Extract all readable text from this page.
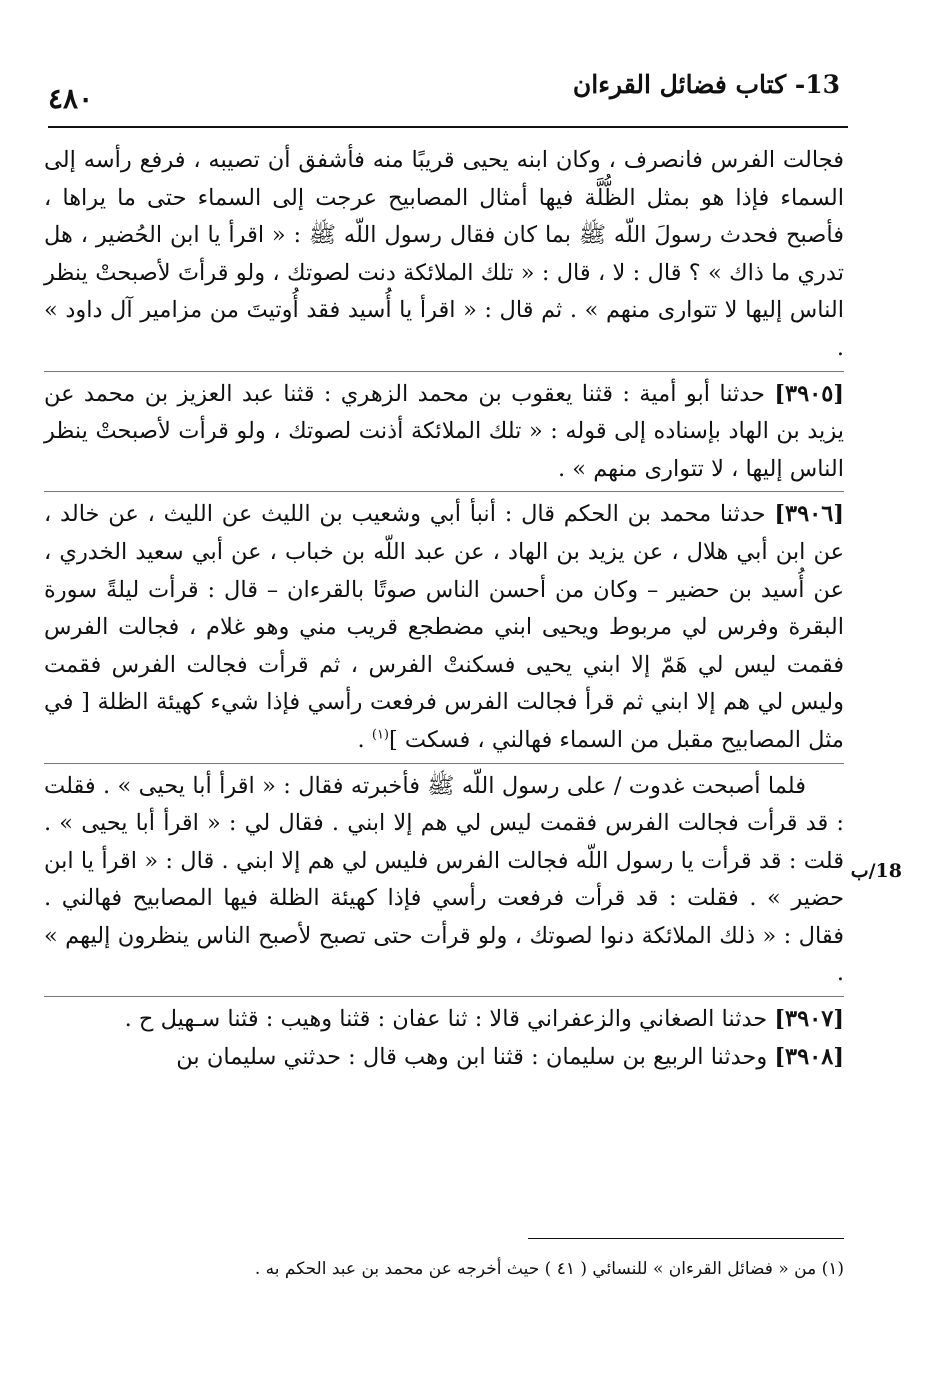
٤٨٠	13- كتاب فضائل القرءان
18/ب

فجالت الفرس فانصرف ، وكان ابنه يحيى قريبًا منه فأشفق أن تصيبه ، فرفع رأسه إلى السماء فإذا هو بمثل الظُّلَّة فيها أمثال المصابيح عرجت إلى السماء حتى ما يراها ، فأصبح فحدث رسولَ اللّه ﷺ بما كان فقال رسول اللّه ﷺ : « اقرأ يا ابن الحُضير ، هل تدري ما ذاك » ؟ قال : لا ، قال : « تلك الملائكة دنت لصوتك ، ولو قرأتَ لأصبحتْ ينظر الناس إليها لا تتوارى منهم » . ثم قال : « اقرأ يا أُسيد فقد أُوتيتَ من مزامير آل داود » .

[٣٩٠٥] حدثنا أبو أمية : قثنا يعقوب بن محمد الزهري : قثنا عبد العزيز بن محمد عن يزيد بن الهاد بإسناده إلى قوله : « تلك الملائكة أذنت لصوتك ، ولو قرأت لأصبحتْ ينظر الناس إليها ، لا تتوارى منهم » .

[٣٩٠٦] حدثنا محمد بن الحكم قال : أنبأ أبي وشعيب بن الليث عن الليث ، عن خالد ، عن ابن أبي هلال ، عن يزيد بن الهاد ، عن عبد اللّه بن خباب ، عن أبي سعيد الخدري ، عن أُسيد بن حضير – وكان من أحسن الناس صوتًا بالقرءان – قال : قرأت ليلةً سورة البقرة وفرس لي مربوط ويحيى ابني مضطجع قريب مني وهو غلام ، فجالت الفرس فقمت ليس لي هَمّ إلا ابني يحيى فسكنتْ الفرس ، ثم قرأت فجالت الفرس فقمت وليس لي هم إلا ابني ثم قرأ فجالت الفرس فرفعت رأسي فإذا شيء كهيئة الظلة [ في مثل المصابيح مقبل من السماء فهالني ، فسكت ]$^{(١)}$ .

فلما أصبحت غدوت / على رسول اللّه ﷺ فأخبرته فقال : « اقرأ أبا يحيى » . فقلت : قد قرأت فجالت الفرس فقمت ليس لي هم إلا ابني . فقال لي : « اقرأ أبا يحيى » . قلت : قد قرأت يا رسول اللّه فجالت الفرس فليس لي هم إلا ابني . قال : « اقرأ يا ابن حضير » . فقلت : قد قرأت فرفعت رأسي فإذا كهيئة الظلة فيها المصابيح فهالني . فقال : « ذلك الملائكة دنوا لصوتك ، ولو قرأت حتى تصبح لأصبح الناس ينظرون إليهم » .

[٣٩٠٧] حدثنا الصغاني والزعفراني قالا : ثنا عفان : قثنا وهيب : قثنا سـهيل ح .

[٣٩٠٨] وحدثنا الربيع بن سليمان : قثنا ابن وهب قال : حدثني سليمان بن

(١) من « فضائل القرءان » للنسائي ( ٤١ ) حيث أخرجه عن محمد بن عبد الحكم به .
